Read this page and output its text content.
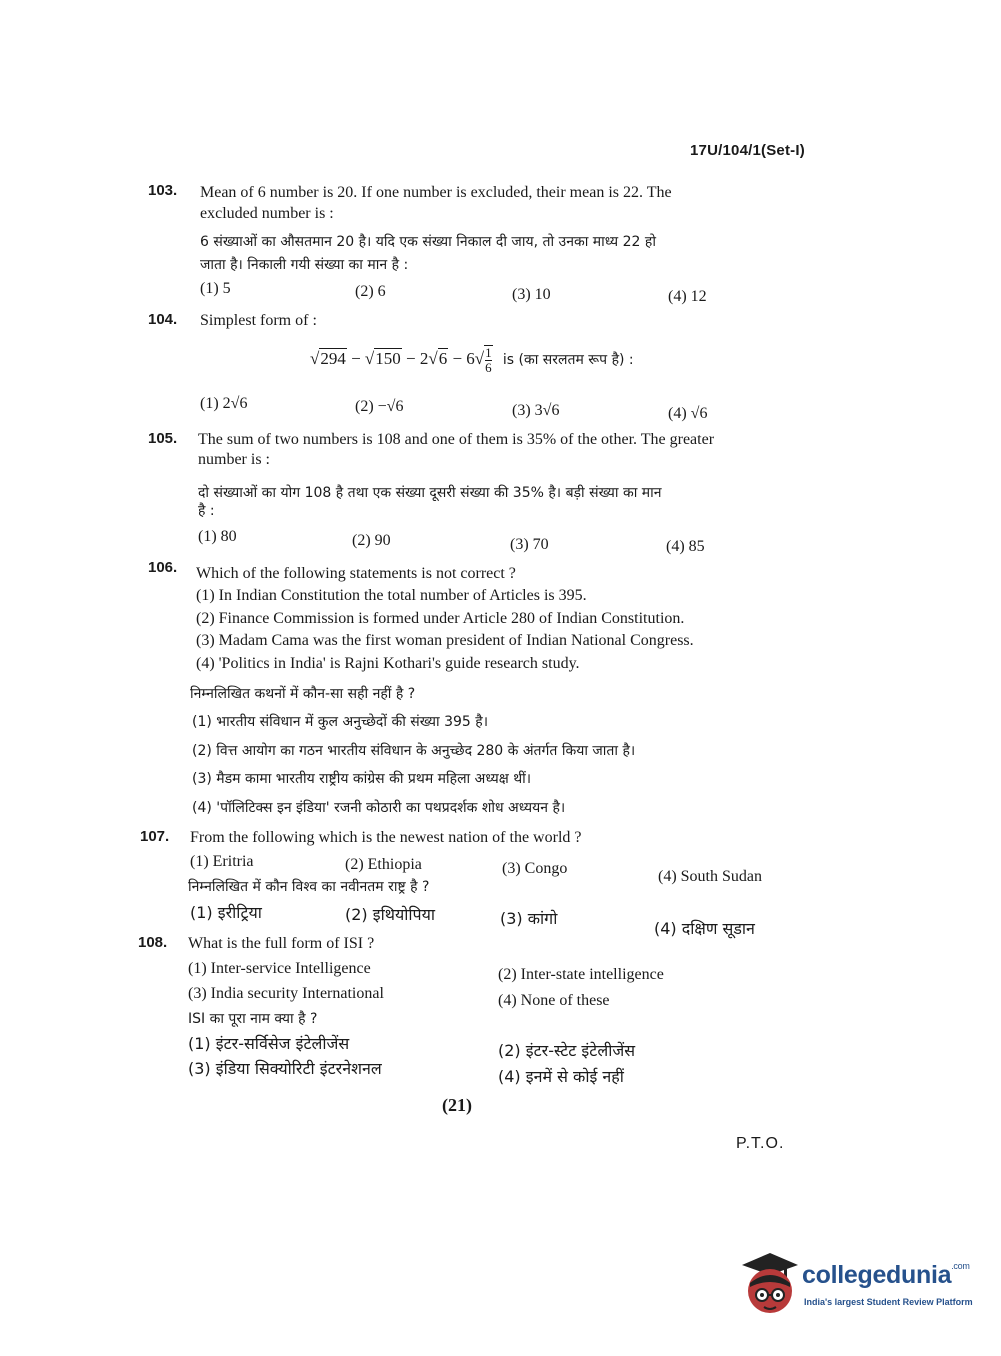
17U/104/1(Set-I)
103. Mean of 6 number is 20. If one number is excluded, their mean is 22. The
excluded number is :
6 संख्याओं का औसतमान 20 है। यदि एक संख्या निकाल दी जाय, तो उनका माध्य 22 हो
जाता है। निकाली गयी संख्या का मान है :
(1) 5	(2) 6	(3) 10	(4) 12
104. Simplest form of :
$√294 - √150 - 2√6 - 6√ \frac{1}{6}$ is (का सरलतम रूप है) :
(1) 2√6	(2) −√6	(3) 3√6	(4) √6
105. The sum of two numbers is 108 and one of them is 35% of the other. The greater
number is :
दो संख्याओं का योग 108 है तथा एक संख्या दूसरी संख्या की 35% है। बड़ी संख्या का मान
है :
(1) 80	(2) 90	(3) 70	(4) 85
106. Which of the following statements is not correct ?
(1) In Indian Constitution the total number of Articles is 395.
(2) Finance Commission is formed under Article 280 of Indian Constitution.
(3) Madam Cama was the first woman president of Indian National Congress.
(4) 'Politics in India' is Rajni Kothari's guide research study.
निम्नलिखित कथनों में कौन-सा सही नहीं है ?
(1) भारतीय संविधान में कुल अनुच्छेदों की संख्या 395 है।
(2) वित्त आयोग का गठन भारतीय संविधान के अनुच्छेद 280 के अंतर्गत किया जाता है।
(3) मैडम कामा भारतीय राष्ट्रीय कांग्रेस की प्रथम महिला अध्यक्ष थीं।
(4) 'पॉलिटिक्स इन इंडिया' रजनी कोठारी का पथप्रदर्शक शोध अध्ययन है।
107. From the following which is the newest nation of the world ?
(1) Eritria	(2) Ethiopia	(3) Congo	(4) South Sudan
निम्नलिखित में कौन विश्व का नवीनतम राष्ट्र है ?
(1) इरीट्रिया	(2) इथियोपिया	(3) कांगो
(4) दक्षिण सूडान
108. What is the full form of ISI ?
(1) Inter-service Intelligence	(2) Inter-state intelligence
(3) India security International	(4) None of these
ISI का पूरा नाम क्या है ?
(1) इंटर-सर्विसेज इंटेलीजेंस	(2) इंटर-स्टेट इंटेलीजेंस
(3) इंडिया सिक्योरिटी इंटरनेशनल	(4) इनमें से कोई नहीं
(21)
P.T.O.
collegedunia$^{.com}$
India's largest Student Review Platform
